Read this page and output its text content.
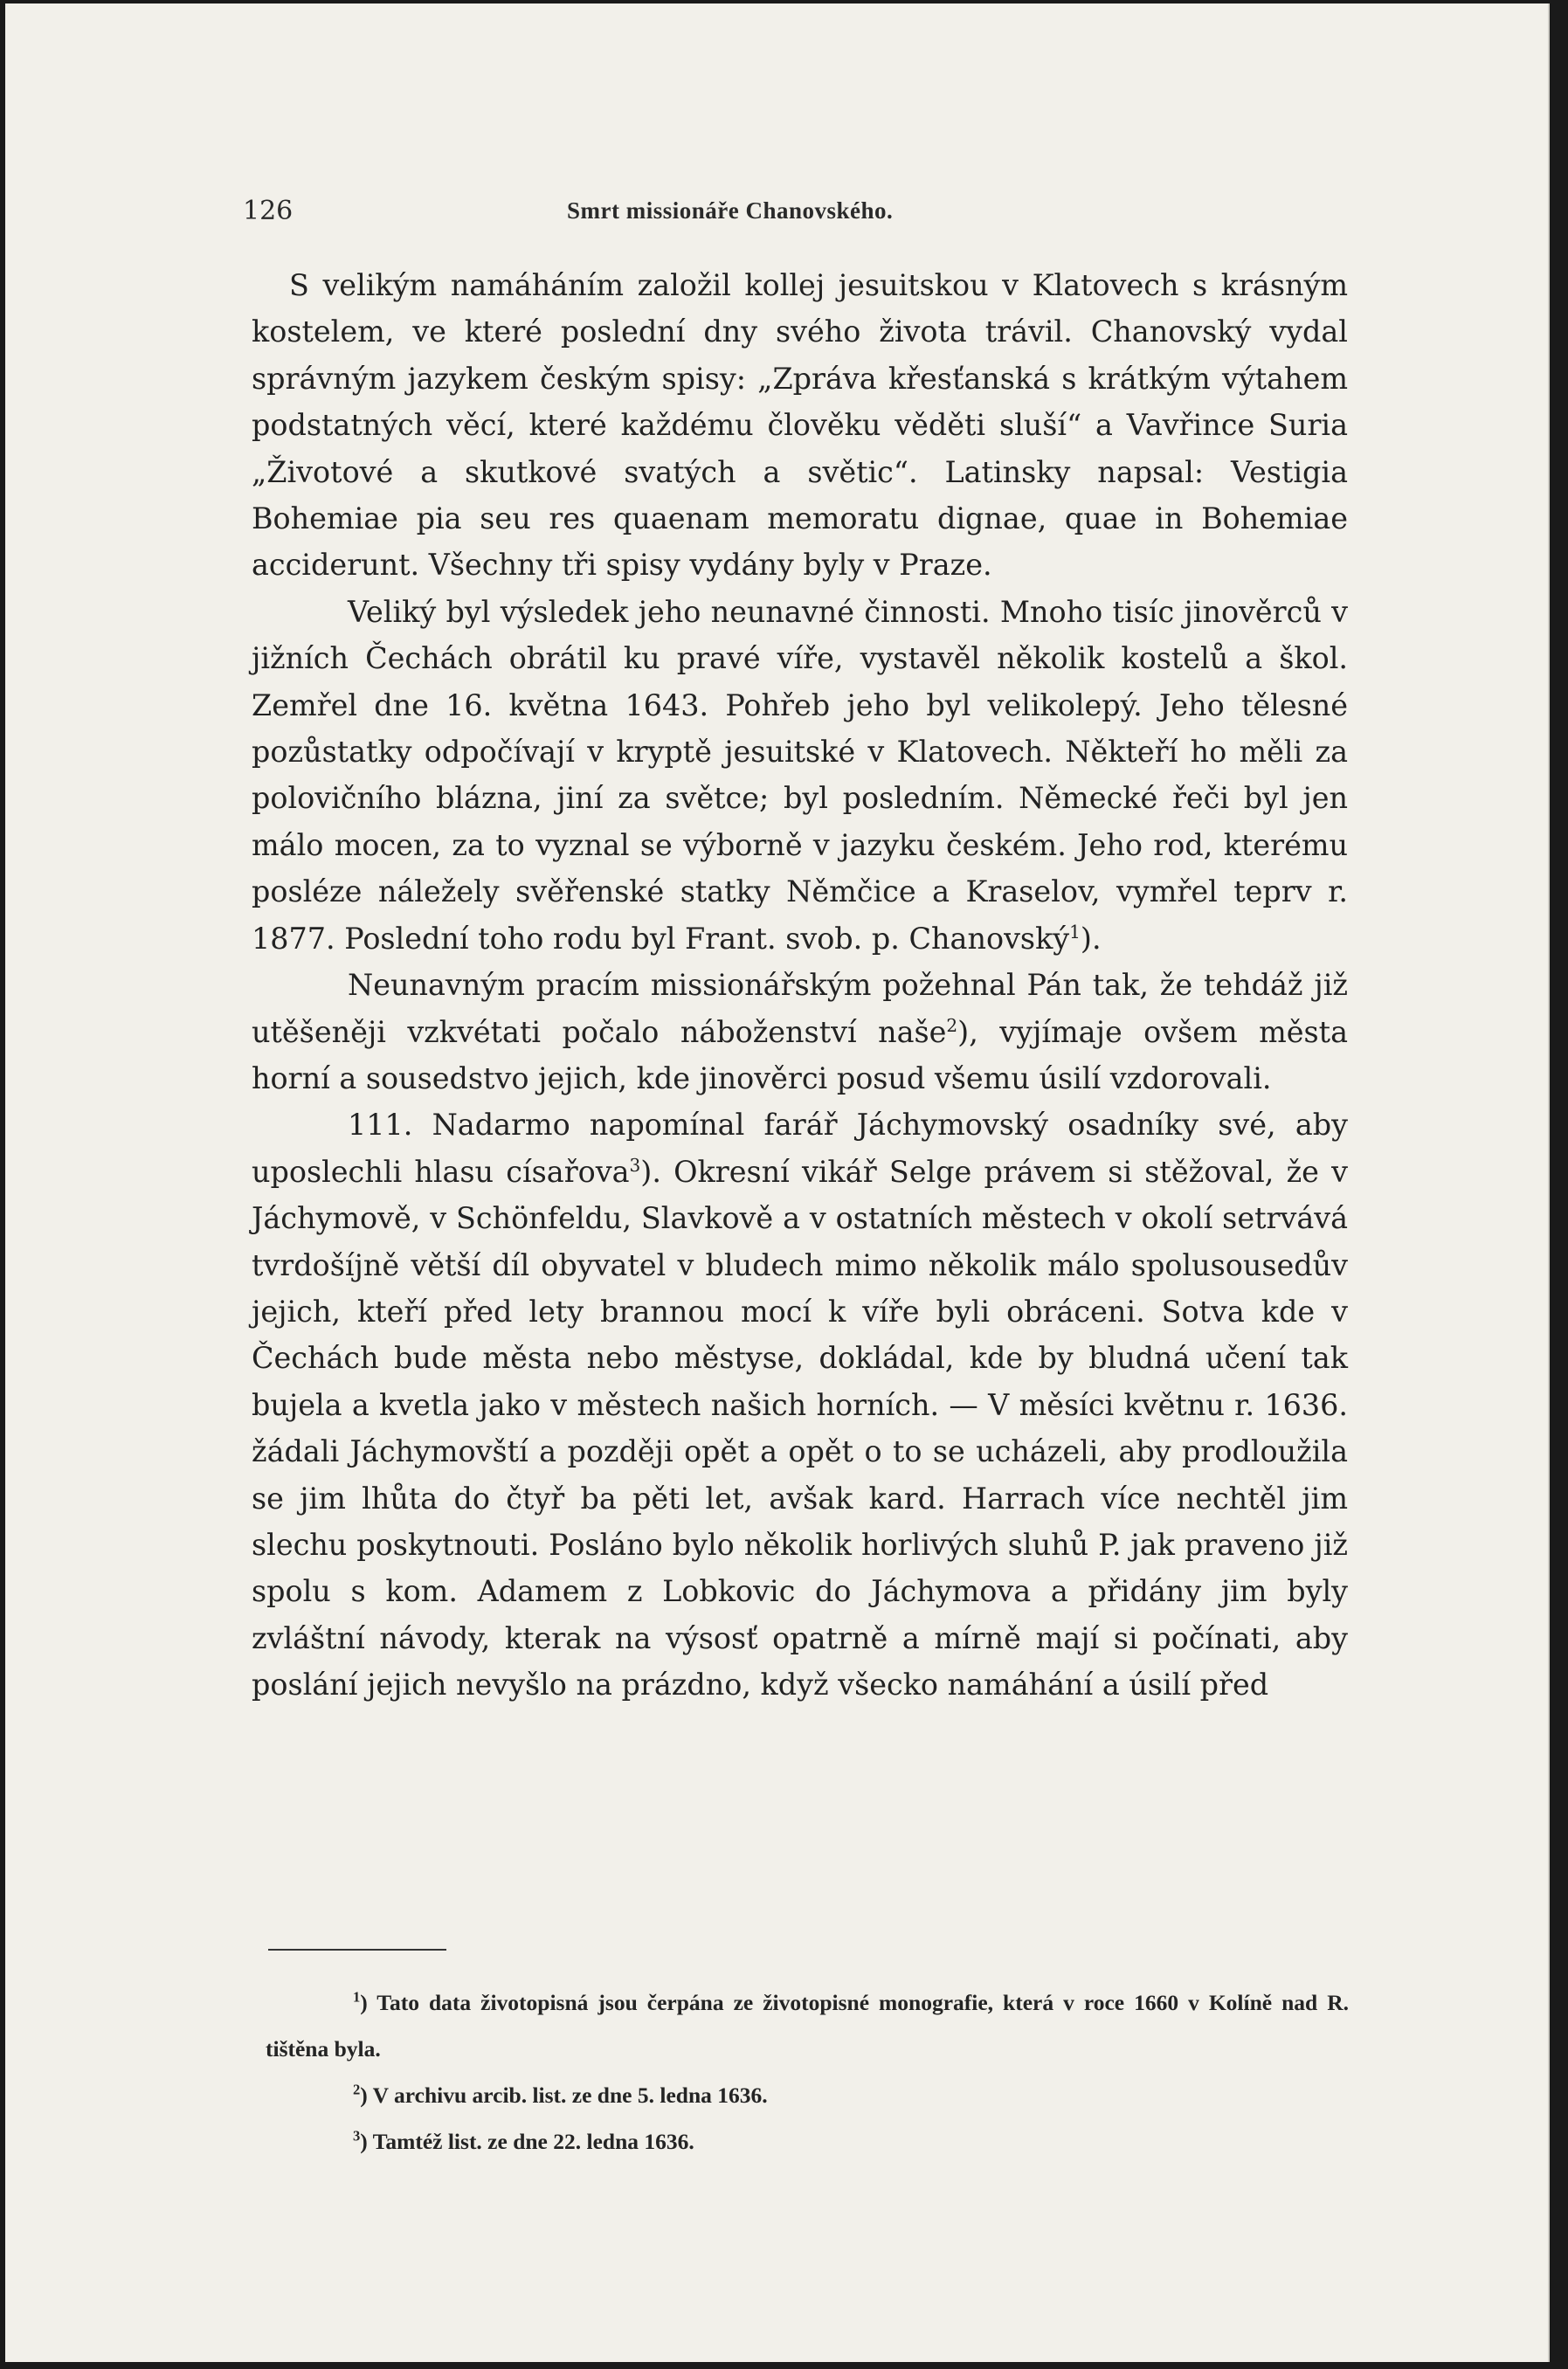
126	Smrt missionáře Chanovského.

S velikým namáháním založil kollej jesuitskou v Klatovech s krásným kostelem, ve které poslední dny svého života trávil. Chanovský vydal správným jazykem českým spisy: „Zpráva křesťanská s krátkým výtahem podstatných věcí, které každému člověku věděti sluší“ a Vavřince Suria „Životové a skutkové svatých a světic“. Latinsky napsal: Vestigia Bohemiae pia seu res quaenam memoratu dignae, quae in Bohemiae acciderunt. Všechny tři spisy vydány byly v Praze.

Veliký byl výsledek jeho neunavné činnosti. Mnoho tisíc jinověrců v jižních Čechách obrátil ku pravé víře, vystavěl několik kostelů a škol. Zemřel dne 16. května 1643. Pohřeb jeho byl velikolepý. Jeho tělesné pozůstatky odpočívají v kryptě jesuitské v Klatovech. Někteří ho měli za polovičního blázna, jiní za světce; byl posledním. Německé řeči byl jen málo mocen, za to vyznal se výborně v jazyku českém. Jeho rod, kterému posléze náležely svěřenské statky Němčice a Kraselov, vymřel teprv r. 1877. Poslední toho rodu byl Frant. svob. p. Chanovský$^1$).

Neunavným pracím missionářským požehnal Pán tak, že tehdáž již utěšeněji vzkvétati počalo náboženství naše$^2$), vyjímaje ovšem města horní a sousedstvo jejich, kde jinověrci posud všemu úsilí vzdorovali.

111. Nadarmo napomínal farář Jáchymovský osadníky své, aby uposlechli hlasu císařova$^3$). Okresní vikář Selge právem si stěžoval, že v Jáchymově, v Schönfeldu, Slavkově a v ostatních městech v okolí setrvává tvrdošíjně větší díl obyvatel v bludech mimo několik málo spolusousedův jejich, kteří před lety brannou mocí k víře byli obráceni. Sotva kde v Čechách bude města nebo městyse, dokládal, kde by bludná učení tak bujela a kvetla jako v městech našich horních. — V měsíci květnu r. 1636. žádali Jáchymovští a později opět a opět o to se ucházeli, aby prodloužila se jim lhůta do čtyř ba pěti let, avšak kard. Harrach více nechtěl jim slechu poskytnouti. Posláno bylo několik horlivých sluhů P. jak praveno již spolu s kom. Adamem z Lobkovic do Jáchymova a přidány jim byly zvláštní návody, kterak na výsosť opatrně a mírně mají si počínati, aby poslání jejich nevyšlo na prázdno, když všecko namáhání a úsilí před

$^1$) Tato data životopisná jsou čerpána ze životopisné monografie, která v roce 1660 v Kolíně nad R. tištěna byla.

$^2$) V archivu arcib. list. ze dne 5. ledna 1636.

$^3$) Tamtéž list. ze dne 22. ledna 1636.
